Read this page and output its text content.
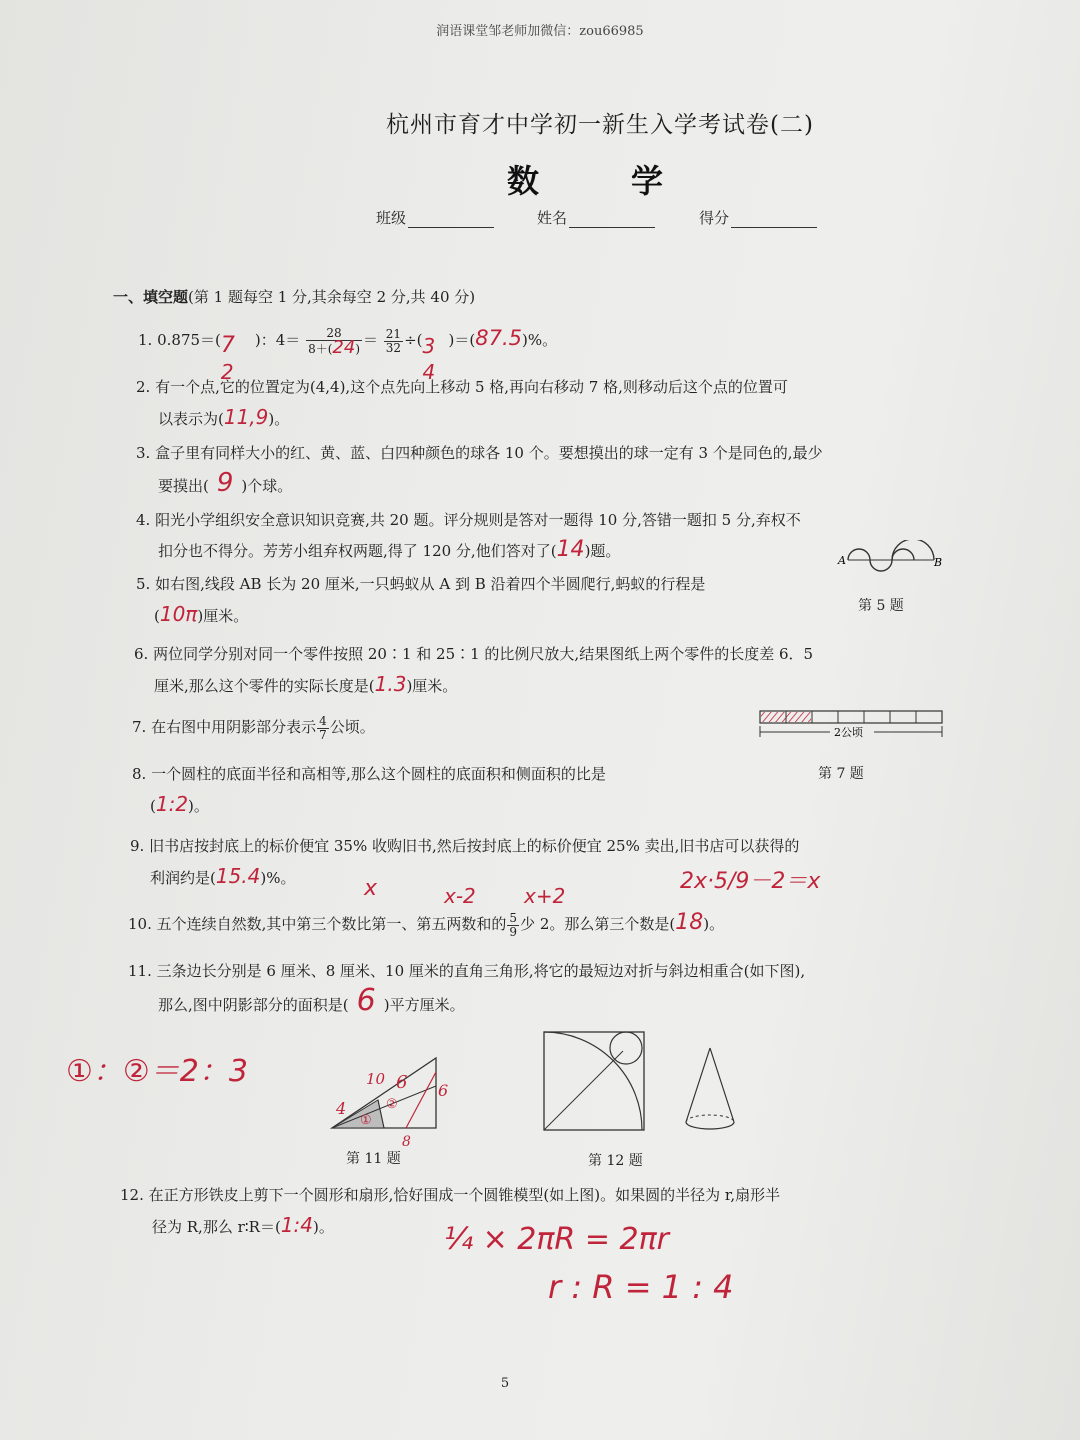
润语课堂邹老师加微信：zou66985
杭州市育才中学初一新生入学考试卷(二)
数　学
班级	姓名	得分
一、填空题(第 1 题每空 1 分,其余每空 2 分,共 40 分)
1. 0.875＝( 7
2
)：$4= \frac{28}{8+(24)} = \frac{21}{32}$ ÷( 3
4
)＝(87.5)%。
2. 有一个点,它的位置定为(4,4),这个点先向上移动 5 格,再向右移动 7 格,则移动后这个点的位置可
以表示为(11,9)。
3. 盒子里有同样大小的红、黄、蓝、白四种颜色的球各 10 个。要想摸出的球一定有 3 个是同色的,最少
要摸出( 9 )个球。
4. 阳光小学组织安全意识知识竞赛,共 20 题。评分规则是答对一题得 10 分,答错一题扣 5 分,弃权不
扣分也不得分。芳芳小组弃权两题,得了 120 分,他们答对了(14)题。
A	B
第 5 题
5. 如右图,线段 AB 长为 20 厘米,一只蚂蚁从 A 到 B 沿着四个半圆爬行,蚂蚁的行程是
(10π)厘米。
6. 两位同学分别对同一个零件按照 20∶1 和 25∶1 的比例尺放大,结果图纸上两个零件的长度差 6．5
厘米,那么这个零件的实际长度是(1.3)厘米。
7. 在右图中用阴影部分表示 $\frac{4}{7}$ 公顷。	2公顷
第 7 题
8. 一个圆柱的底面半径和高相等,那么这个圆柱的底面积和侧面积的比是
(1:2)。
9. 旧书店按封底上的标价便宜 35% 收购旧书,然后按封底上的标价便宜 25% 卖出,旧书店可以获得的
利润约是(15.4)%。	2x·5/9－2＝x
x	x-2 x+2
10. 五个连续自然数,其中第三个数比第一、第五两数和的 $\frac{5}{9}$ 少 2。那么第三个数是(18)。
11. 三条边长分别是 6 厘米、8 厘米、10 厘米的直角三角形,将它的最短边对折与斜边相重合(如下图),
那么,图中阴影部分的面积是( 6 )平方厘米。
①：②＝2：3	10 6 6
4
8
①
②
第 11 题	第 12 题
12. 在正方形铁皮上剪下一个圆形和扇形,恰好围成一个圆锥模型(如上图)。如果圆的半径为 r,扇形半
径为 R,那么 r∶R＝(1:4)。	¼ × 2πR = 2πr
r : R = 1 : 4
5
